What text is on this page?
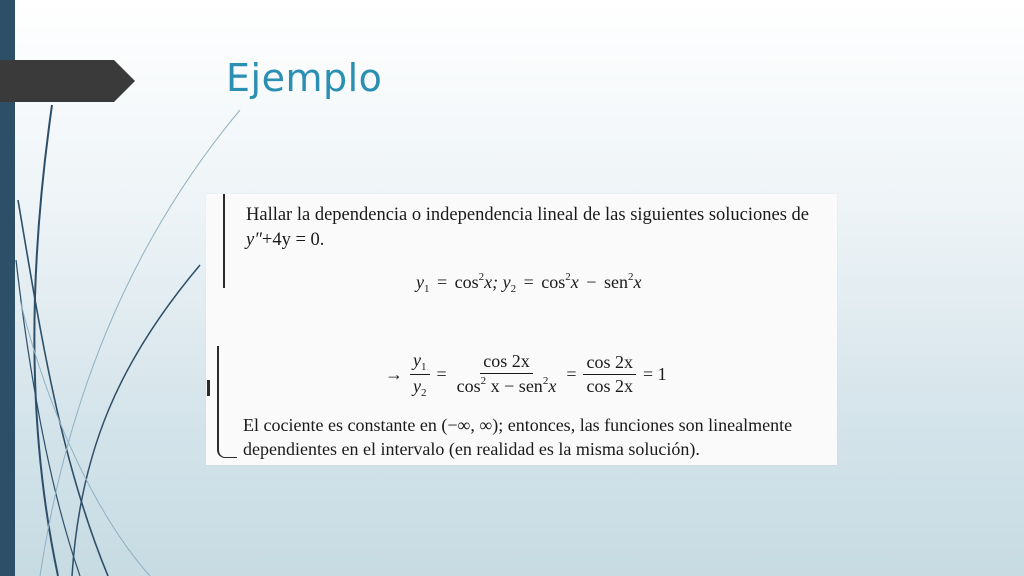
Ejemplo
Hallar la dependencia o independencia lineal de las siguientes soluciones de
y″+4y = 0.
$y_1 = \cos^2x$; $y_2 = \cos^2x - sen^2x$
→ $\frac{y_1}{y_2} = \frac{\cos 2x}{\cos^2 x - sen^2x} = \frac{\cos 2x}{\cos 2x} = 1$
El cociente es constante en (−∞, ∞); entonces, las funciones son linealmente
dependientes en el intervalo (en realidad es la misma solución).
